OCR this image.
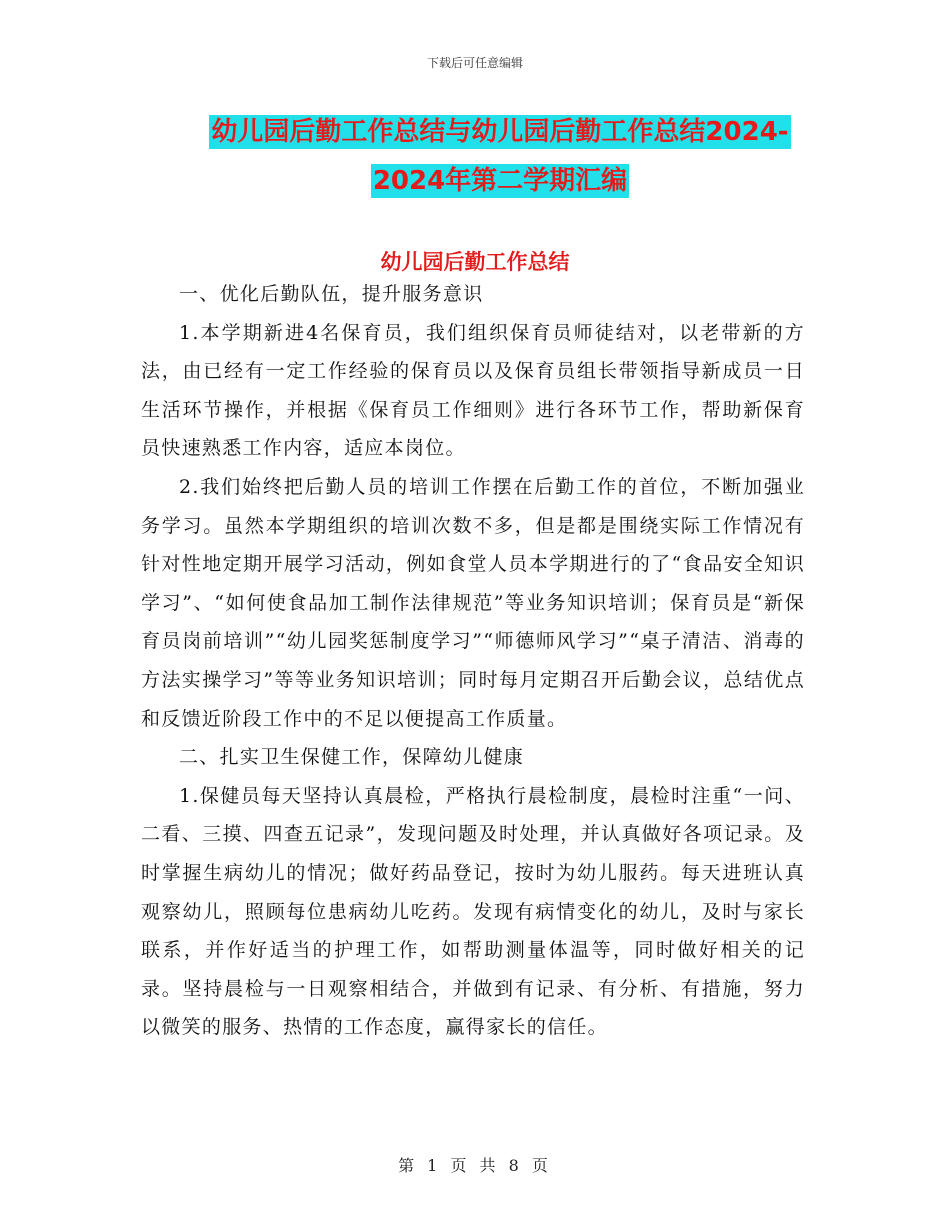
下载后可任意编辑
幼儿园后勤工作总结与幼儿园后勤工作总结2024-
2024年第二学期汇编
幼儿园后勤工作总结

一、优化后勤队伍，提升服务意识

1.本学期新进4名保育员，我们组织保育员师徒结对，以老带新的方法，由已经有一定工作经验的保育员以及保育员组长带领指导新成员一日生活环节操作，并根据《保育员工作细则》进行各环节工作，帮助新保育员快速熟悉工作内容，适应本岗位。

2.我们始终把后勤人员的培训工作摆在后勤工作的首位，不断加强业务学习。虽然本学期组织的培训次数不多，但是都是围绕实际工作情况有针对性地定期开展学习活动，例如食堂人员本学期进行的了“食品安全知识学习”、“如何使食品加工制作法律规范”等业务知识培训；保育员是“新保育员岗前培训”“幼儿园奖惩制度学习”“师德师风学习”“桌子清洁、消毒的方法实操学习”等等业务知识培训；同时每月定期召开后勤会议，总结优点和反馈近阶段工作中的不足以便提高工作质量。

二、扎实卫生保健工作，保障幼儿健康

1.保健员每天坚持认真晨检，严格执行晨检制度，晨检时注重“一问、二看、三摸、四查五记录”，发现问题及时处理，并认真做好各项记录。及时掌握生病幼儿的情况；做好药品登记，按时为幼儿服药。每天进班认真观察幼儿，照顾每位患病幼儿吃药。发现有病情变化的幼儿，及时与家长联系，并作好适当的护理工作，如帮助测量体温等，同时做好相关的记录。坚持晨检与一日观察相结合，并做到有记录、有分析、有措施，努力以微笑的服务、热情的工作态度，赢得家长的信任。

第 1 页 共 8 页
